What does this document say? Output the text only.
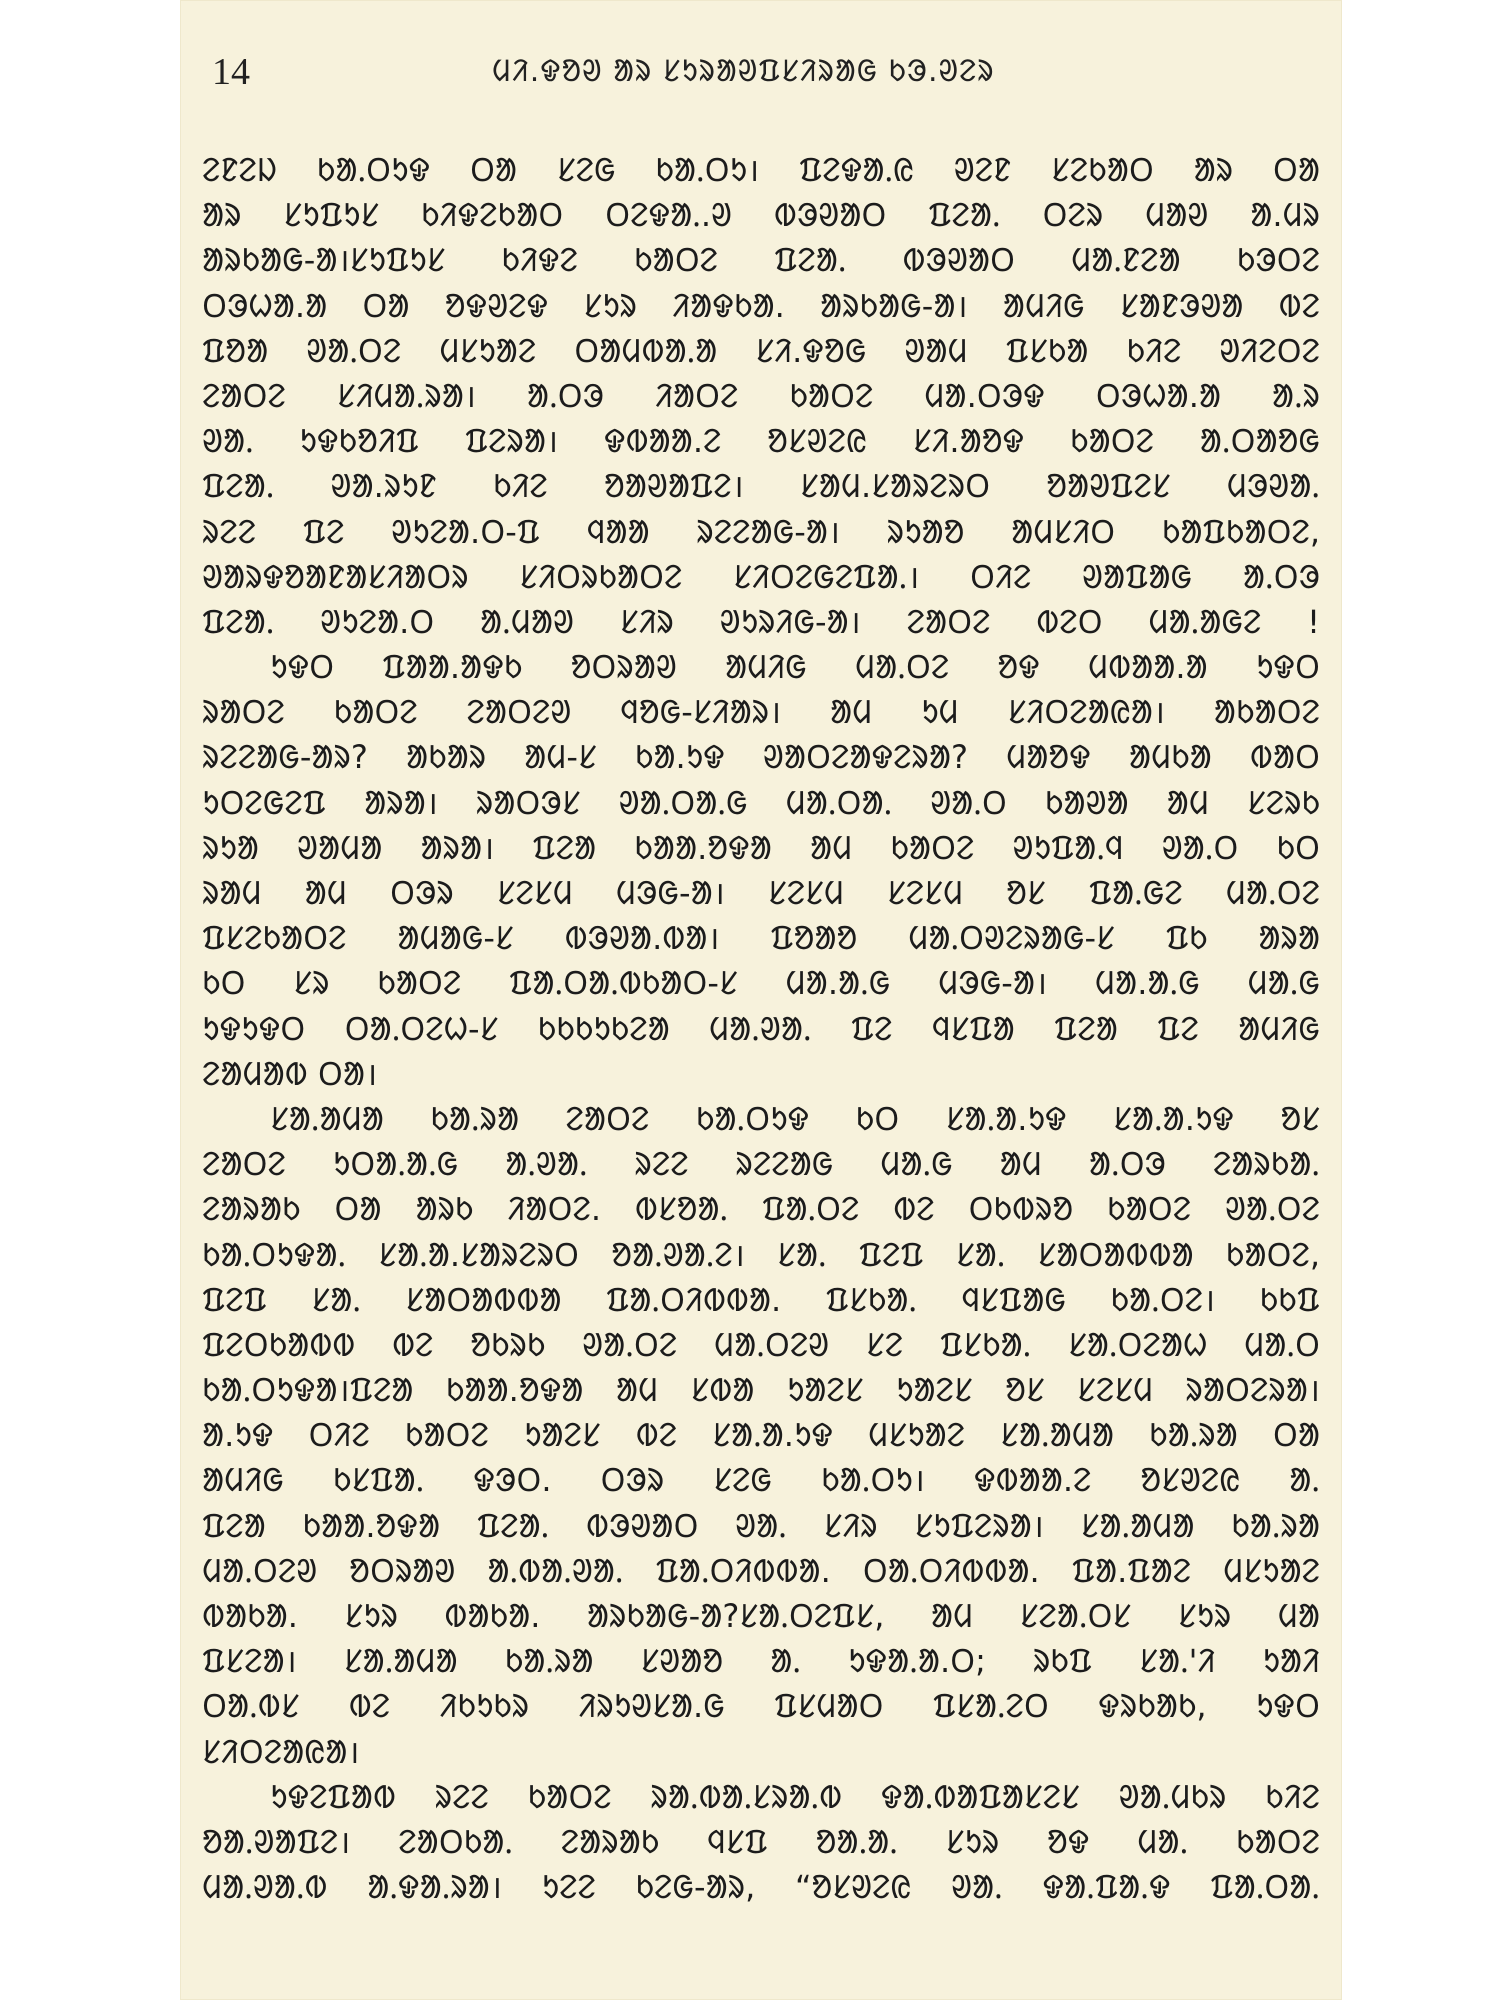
14	ᱢᱤ.ᱫᱚᱣ ᱟᱨ ᱥᱩᱨᱟᱣᱯᱥᱤᱨᱟᱜ ᱠᱳ.ᱣᱮᱨ
ᱮᱱᱮᱡ ᱠᱟᱹᱛᱩᱫ ᱛᱟ ᱥᱮᱜ ᱠᱟᱹᱛᱩ। ᱯᱮᱫᱟᱹᱭ ᱣᱮᱱ ᱥᱮᱠᱟᱛ ᱟᱨ ᱛᱟ
ᱟᱨ ᱥᱩᱯᱩᱥ ᱠᱤᱫᱮᱠᱟᱛ ᱛᱮᱫᱟᱹ.ᱣ ᱵᱳᱣᱟᱛ ᱯᱮᱟᱹ ᱛᱮᱨ ᱢᱟᱣ ᱟ.ᱢᱨ
ᱟᱨᱠᱟᱜ-ᱟ।ᱥᱩᱯᱩᱥ ᱠᱤᱫᱮ ᱠᱟᱛᱮ ᱯᱮᱟᱹ ᱵᱳᱣᱟᱛ ᱢᱟᱹᱱᱮᱟ ᱠᱳᱛᱮ
ᱛᱳᱦᱟ.ᱟ ᱛᱟ ᱚᱫᱣᱮᱫ ᱥᱩᱨ ᱤᱟᱫᱠᱟ. ᱟᱨᱠᱟᱜ-ᱟ। ᱟᱢᱤᱜ ᱥᱟᱱᱳᱣᱟ ᱵᱮ
ᱯᱚᱟ ᱣᱟᱹᱛᱮ ᱢᱥᱩᱟᱮ ᱛᱟᱢᱵᱟᱹᱟ ᱥᱤ.ᱫᱚᱜ ᱣᱟᱢ ᱯᱥᱠᱟ ᱠᱤᱮ ᱣᱤᱮᱛᱮ
ᱮᱟᱛᱮ ᱥᱤᱢᱟᱹᱨᱟ। ᱟᱹᱛᱳ ᱤᱟᱛᱮ ᱠᱟᱛᱮ ᱢᱟ.ᱛᱳᱫ ᱛᱳᱦᱟ.ᱟ ᱟᱹᱨ
ᱣᱟᱹ ᱩᱫᱠᱚᱤᱯ ᱯᱮᱨᱟ। ᱫᱵᱟᱟ.ᱮ ᱚᱥᱣᱮᱭ ᱥᱤ.ᱟᱚᱫ ᱠᱟᱛᱮ ᱟᱹᱛᱟᱚᱜ
ᱯᱮᱟᱹ ᱣᱟ.ᱨᱩᱱ ᱠᱤᱮ ᱚᱟᱣᱟᱯᱮ। ᱥᱟᱢ.ᱥᱟᱨᱮᱨᱛ ᱚᱟᱣᱯᱮᱥ ᱢᱳᱣᱟᱹ
ᱨᱮᱮ ᱯᱮ ᱣᱩᱮᱟ.ᱛ-ᱯ ᱧᱟᱟ ᱨᱮᱮᱟᱜ-ᱟ। ᱨᱩᱟᱚ ᱟᱢᱥᱤᱛ ᱠᱟᱯᱠᱟᱛᱮ,
ᱣᱟᱨᱫᱚᱟᱱᱟᱥᱤᱟᱛᱨ ᱥᱤᱛᱨᱠᱟᱛᱮ ᱥᱤᱛᱮᱜᱮᱯᱟᱹ। ᱛᱤᱮ ᱣᱟᱯᱟᱜ ᱟᱹᱛᱳ
ᱯᱮᱟᱹ ᱣᱩᱮᱟ.ᱛ ᱟᱹᱢᱟᱣ ᱥᱤᱨ ᱣᱩᱨᱤᱜ-ᱟ। ᱮᱟᱛᱮ ᱵᱮᱛ ᱢᱟᱹᱟᱜᱮ !
ᱩᱫᱛ ᱯᱟᱟ.ᱟᱫᱠ ᱚᱛᱨᱟᱣ ᱟᱢᱤᱜ ᱢᱟᱹᱛᱮ ᱚᱫ ᱢᱵᱟᱟ.ᱟ ᱩᱫᱛ
ᱨᱟᱛᱮ ᱠᱟᱛᱮ ᱮᱟᱛᱮᱣ ᱧᱚᱜ-ᱥᱤᱟᱨ। ᱟᱢ ᱩᱢ ᱥᱤᱛᱮᱟᱭᱟ। ᱟᱠᱟᱛᱮ
ᱨᱮᱮᱟᱜ-ᱟᱨ? ᱟᱠᱟᱨ ᱟᱢ-ᱥ ᱠᱟ.ᱩᱫ ᱣᱟᱛᱮᱟᱫᱮᱨᱟ? ᱢᱟᱚᱫ ᱟᱢᱠᱟ ᱵᱟᱛ
ᱩᱛᱮᱜᱮᱯ ᱟᱨᱟ। ᱨᱟᱛᱳᱥ ᱣᱟᱹᱛᱟᱹᱜ ᱢᱟᱹᱛᱟᱹ ᱣᱟᱹᱛ ᱠᱟᱣᱟ ᱟᱢ ᱥᱮᱨᱠ
ᱨᱩᱟ ᱣᱟᱢᱟ ᱟᱨᱟ। ᱯᱮᱟ ᱠᱟᱟ.ᱚᱫᱟ ᱟᱢ ᱠᱟᱛᱮ ᱣᱩᱯᱟᱹᱧ ᱣᱟᱹᱛ ᱠᱛ
ᱨᱟᱢ ᱟᱢ ᱛᱳᱨ ᱥᱮᱥᱢ ᱢᱳᱜ-ᱟ। ᱥᱮᱥᱢ ᱥᱮᱥᱢ ᱚᱥ ᱯᱟᱹᱜᱮ ᱢᱟᱹᱛᱮ
ᱯᱥᱮᱠᱟᱛᱮ ᱟᱢᱟᱜ-ᱥ ᱵᱳᱣᱟ.ᱵᱟ। ᱯᱚᱟᱚ ᱢᱟᱹᱛᱣᱮᱨᱟᱜ-ᱥ ᱯᱠ ᱟᱨᱟ
ᱠᱛ ᱥᱨ ᱠᱟᱛᱮ ᱯᱟᱹᱛᱟᱹᱵᱠᱟᱛ-ᱥ ᱢᱟ.ᱟᱹᱜ ᱢᱳᱜ-ᱟ। ᱢᱟ.ᱟᱹᱜ ᱢᱟᱹᱜ
ᱩᱫᱩᱫᱛ ᱛᱟᱹᱛᱮᱦ-ᱥ ᱠᱠᱠᱩᱠᱮᱟ ᱢᱟᱹᱣᱟᱹ ᱯᱮ ᱧᱥᱯᱟ ᱯᱮᱟ ᱯᱮ ᱟᱢᱤᱜ
ᱮᱟᱢᱟᱵ ᱛᱟ।
ᱥᱟᱹᱟᱢᱟ ᱠᱟᱹᱨᱟ ᱮᱟᱛᱮ ᱠᱟᱹᱛᱩᱫ ᱠᱛ ᱥᱟᱹᱟ.ᱩᱫ ᱥᱟᱹᱟ.ᱩᱫ ᱚᱥ
ᱮᱟᱛᱮ ᱩᱛᱟᱹᱟᱹᱜ ᱟᱹᱣᱟᱹ ᱨᱮᱮ ᱨᱮᱮᱟᱜ ᱢᱟᱹᱜ ᱟᱢ ᱟᱹᱛᱳ ᱮᱟᱨᱠᱟᱹ
ᱮᱟᱨᱟᱠ ᱛᱟ ᱟᱨᱠ ᱤᱟᱛᱮ. ᱵᱥᱚᱟᱹ ᱯᱟᱹᱛᱮ ᱵᱮ ᱛᱠᱵᱨᱚ ᱠᱟᱛᱮ ᱣᱟᱹᱛᱮ
ᱠᱟᱹᱛᱩᱫᱟᱹ ᱥᱟᱹᱟ.ᱥᱟᱨᱮᱨᱛ ᱚᱟᱹᱣᱟᱹᱮ। ᱥᱟᱹ ᱯᱮᱯ ᱥᱟᱹ ᱥᱟᱛᱟᱵᱵᱟ ᱠᱟᱛᱮ,
ᱯᱮᱯ ᱥᱟᱹ ᱥᱟᱛᱟᱵᱵᱟ ᱯᱟᱹᱛᱤᱵᱵᱟ. ᱯᱥᱠᱟᱹ ᱧᱥᱯᱟᱜ ᱠᱟᱹᱛᱮ। ᱠᱠᱯ
ᱯᱮᱛᱠᱟᱵᱵ ᱵᱮ ᱚᱠᱨᱠ ᱣᱟᱹᱛᱮ ᱢᱟᱹᱛᱮᱣ ᱥᱮ ᱯᱥᱠᱟᱹ ᱥᱟᱹᱛᱮᱟᱦ ᱢᱟᱹᱛ
ᱠᱟᱹᱛᱩᱫᱟ।ᱯᱮᱟ ᱠᱟᱟ.ᱚᱫᱟ ᱟᱢ ᱥᱵᱟ ᱩᱟᱮᱥ ᱩᱟᱮᱥ ᱚᱥ ᱥᱮᱥᱢ ᱨᱟᱛᱮᱨᱟ।
ᱟ.ᱩᱫ ᱛᱤᱮ ᱠᱟᱛᱮ ᱩᱟᱮᱥ ᱵᱮ ᱥᱟᱹᱟ.ᱩᱫ ᱢᱥᱩᱟᱮ ᱥᱟᱹᱟᱢᱟ ᱠᱟᱹᱨᱟ ᱛᱟ
ᱟᱢᱤᱜ ᱠᱥᱯᱟᱹ ᱫᱳᱛ. ᱛᱳᱨ ᱥᱮᱜ ᱠᱟᱹᱛᱩ। ᱫᱵᱟᱟ.ᱮ ᱚᱥᱣᱮᱭ ᱟᱹ
ᱯᱮᱟ ᱠᱟᱟ.ᱚᱫᱟ ᱯᱮᱟᱹ ᱵᱳᱣᱟᱛ ᱣᱟᱹ ᱥᱤᱨ ᱥᱩᱯᱮᱨᱟ। ᱥᱟᱹᱟᱢᱟ ᱠᱟᱹᱨᱟ
ᱢᱟᱹᱛᱮᱣ ᱚᱛᱨᱟᱣ ᱟᱹᱵᱟᱹᱣᱟᱹ ᱯᱟᱹᱛᱤᱵᱵᱟ. ᱛᱟᱹᱛᱤᱵᱵᱟ. ᱯᱟ.ᱯᱟᱮ ᱢᱥᱩᱟᱮ
ᱵᱟᱠᱟ. ᱥᱩᱨ ᱵᱟᱠᱟ. ᱟᱨᱠᱟᱜ-ᱟ?ᱥᱟᱹᱛᱮᱯᱥ, ᱟᱢ ᱥᱮᱟᱹᱛᱥ ᱥᱩᱨ ᱢᱟ
ᱯᱥᱮᱟ। ᱥᱟᱹᱟᱢᱟ ᱠᱟᱹᱨᱟ ᱥᱣᱟᱚ ᱟᱹ ᱩᱫᱟᱹᱟ.ᱛ; ᱨᱠᱯ ᱥᱟᱹ'ᱤ ᱩᱟᱤ
ᱛᱟᱹᱵᱥ ᱵᱮ ᱤᱠᱩᱠᱨ ᱤᱨᱩᱣᱥᱟ.ᱜ ᱯᱥᱢᱟᱛ ᱯᱥᱟᱹᱮᱛ ᱫᱨᱠᱟᱠ, ᱩᱫᱛ
ᱥᱤᱛᱮᱟᱭᱟ।
ᱩᱫᱮᱯᱟᱵ ᱨᱮᱮ ᱠᱟᱛᱮ ᱨᱟᱹᱵᱟᱹᱥᱨᱟᱹᱵ ᱫᱟᱹᱵᱟᱯᱟᱥᱮᱥ ᱣᱟᱹᱢᱠᱨ ᱠᱤᱮ
ᱚᱟᱹᱣᱟᱯᱮ। ᱮᱟᱛᱠᱟᱹ ᱮᱟᱨᱟᱠ ᱧᱥᱯ ᱚᱟᱹᱟᱹ ᱥᱩᱨ ᱚᱫ ᱢᱟᱹ ᱠᱟᱛᱮ
ᱢᱟᱹᱣᱟᱹᱵ ᱟᱹᱫᱟᱹᱨᱟ। ᱩᱮᱮ ᱠᱮᱜ-ᱟᱨ, “ᱚᱥᱣᱮᱭ ᱣᱟᱹ ᱫᱟᱹᱯᱟᱹᱫ ᱯᱟᱹᱛᱟᱹ
